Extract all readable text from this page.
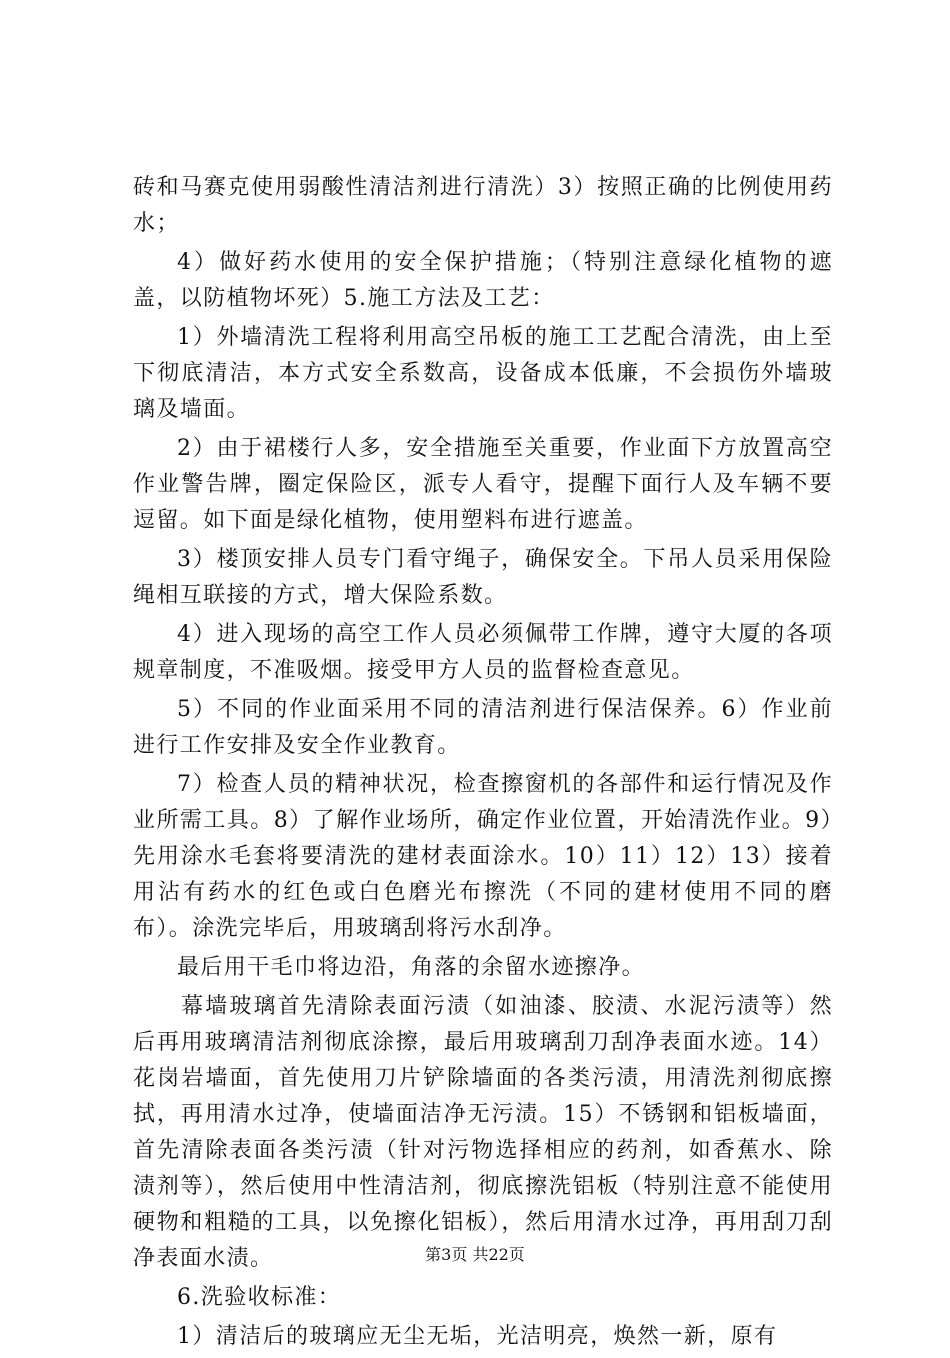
砖和马赛克使用弱酸性清洁剂进行清洗）3）按照正确的比例使用药水；

4）做好药水使用的安全保护措施；（特别注意绿化植物的遮盖，以防植物坏死）5.施工方法及工艺：

1）外墙清洗工程将利用高空吊板的施工工艺配合清洗，由上至下彻底清洁，本方式安全系数高，设备成本低廉，不会损伤外墙玻璃及墙面。

2）由于裙楼行人多，安全措施至关重要，作业面下方放置高空作业警告牌，圈定保险区，派专人看守，提醒下面行人及车辆不要逗留。如下面是绿化植物，使用塑料布进行遮盖。

3）楼顶安排人员专门看守绳子，确保安全。下吊人员采用保险绳相互联接的方式，增大保险系数。

4）进入现场的高空工作人员必须佩带工作牌，遵守大厦的各项规章制度，不准吸烟。接受甲方人员的监督检查意见。

5）不同的作业面采用不同的清洁剂进行保洁保养。6）作业前进行工作安排及安全作业教育。

7）检查人员的精神状况，检查擦窗机的各部件和运行情况及作业所需工具。8）了解作业场所，确定作业位置，开始清洗作业。9）先用涂水毛套将要清洗的建材表面涂水。10）11）12）13）接着用沾有药水的红色或白色磨光布擦洗（不同的建材使用不同的磨布）。涂洗完毕后，用玻璃刮将污水刮净。

最后用干毛巾将边沿，角落的余留水迹擦净。

幕墙玻璃首先清除表面污渍（如油漆、胶渍、水泥污渍等）然后再用玻璃清洁剂彻底涂擦，最后用玻璃刮刀刮净表面水迹。14）花岗岩墙面，首先使用刀片铲除墙面的各类污渍，用清洗剂彻底擦拭，再用清水过净，使墙面洁净无污渍。15）不锈钢和铝板墙面，首先清除表面各类污渍（针对污物选择相应的药剂，如香蕉水、除渍剂等），然后使用中性清洁剂，彻底擦洗铝板（特别注意不能使用硬物和粗糙的工具，以免擦化铝板），然后用清水过净，再用刮刀刮净表面水渍。

6.洗验收标准：

1）清洁后的玻璃应无尘无垢，光洁明亮，焕然一新，原有

第3页 共22页
